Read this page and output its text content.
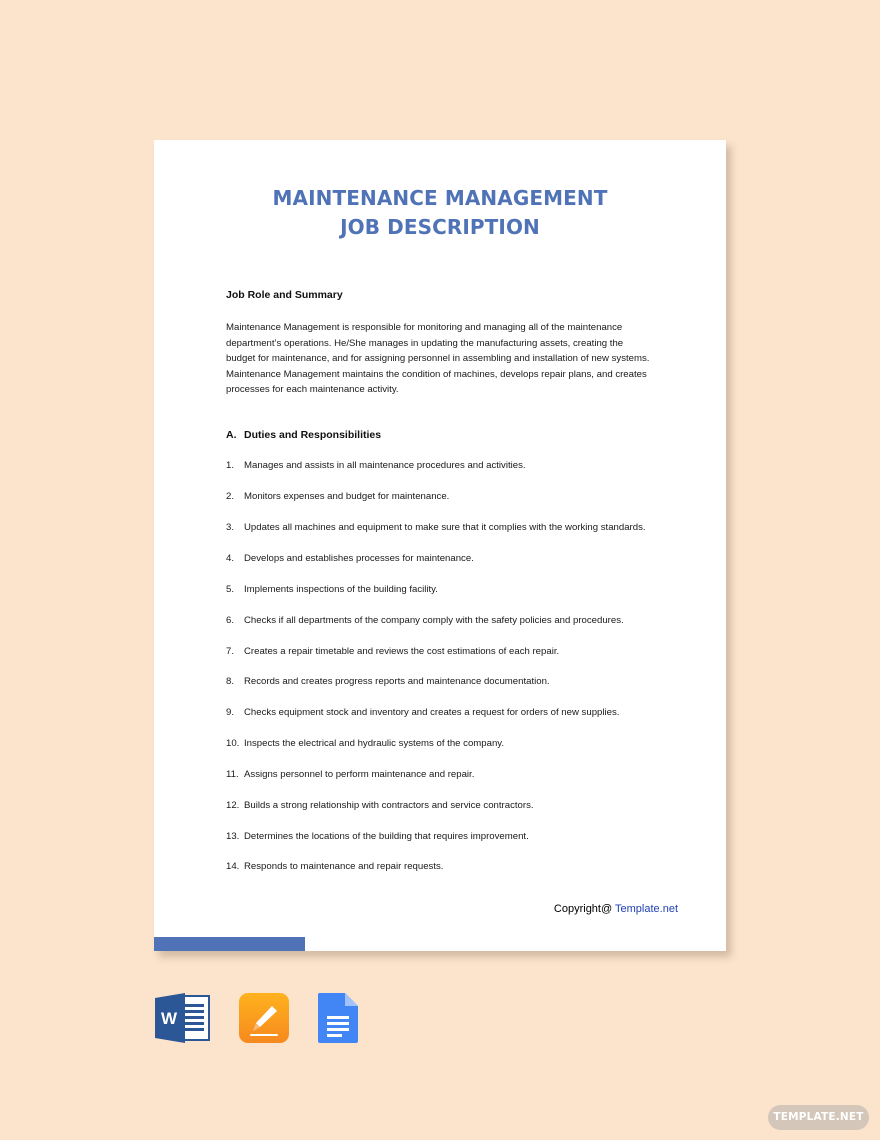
MAINTENANCE MANAGEMENT
JOB DESCRIPTION
Job Role and Summary
Maintenance Management is responsible for monitoring and managing all of the maintenance
department’s operations. He/She manages in updating the manufacturing assets, creating the
budget for maintenance, and for assigning personnel in assembling and installation of new systems.
Maintenance Management maintains the condition of machines, develops repair plans, and creates
processes for each maintenance activity.
A. Duties and Responsibilities
1. Manages and assists in all maintenance procedures and activities.
2. Monitors expenses and budget for maintenance.
3. Updates all machines and equipment to make sure that it complies with the working standards.
4. Develops and establishes processes for maintenance.
5. Implements inspections of the building facility.
6. Checks if all departments of the company comply with the safety policies and procedures.
7. Creates a repair timetable and reviews the cost estimations of each repair.
8. Records and creates progress reports and maintenance documentation.
9. Checks equipment stock and inventory and creates a request for orders of new supplies.
10. Inspects the electrical and hydraulic systems of the company.
11. Assigns personnel to perform maintenance and repair.
12. Builds a strong relationship with contractors and service contractors.
13. Determines the locations of the building that requires improvement.
14. Responds to maintenance and repair requests.
Copyright@ Template.net
W
TEMPLATE.NET
